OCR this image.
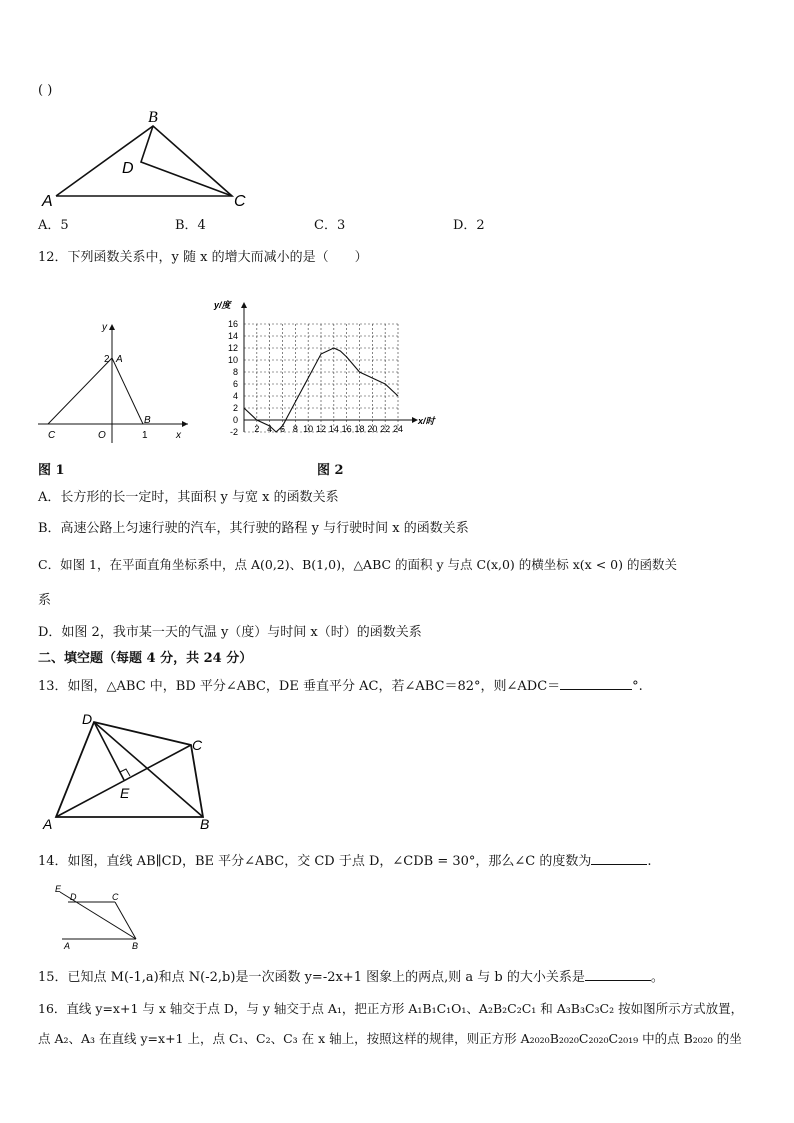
( )
B
D
A	C
A．5	B．4	C．3	D．2
12．下列函数关系中，y 随 x 的增大而减小的是（　　）
y
2 A
B
C	O	1	x	-2
0
2
4
6
8
10
12
14
16
2 4 6 8 10 12 14 16 18 20 22 24
y/度
x/时
图 1	图 2
A．长方形的长一定时，其面积 y 与宽 x 的函数关系
B．高速公路上匀速行驶的汽车，其行驶的路程 y 与行驶时间 x 的函数关系
C．如图 1，在平面直角坐标系中，点 A(0,2)、B(1,0)，△ABC 的面积 y 与点 C(x,0) 的横坐标 x(x < 0) 的函数关
系
D．如图 2，我市某一天的气温 y（度）与时间 x（时）的函数关系
二、填空题（每题 4 分，共 24 分）
13．如图，△ABC 中，BD 平分∠ABC，DE 垂直平分 AC，若∠ABC＝82°，则∠ADC＝	°.
D
C
E
A	B
14．如图，直线 AB∥CD，BE 平分∠ABC，交 CD 于点 D，∠CDB = 30°，那么∠C 的度数为	.
E
D	C
A	B
15．已知点 M(-1,a)和点 N(-2,b)是一次函数 y=-2x+1 图象上的两点,则 a 与 b 的大小关系是	。
16．直线 y=x+1 与 x 轴交于点 D，与 y 轴交于点 A₁，把正方形 A₁B₁C₁O₁、A₂B₂C₂C₁ 和 A₃B₃C₃C₂ 按如图所示方式放置，
点 A₂、A₃ 在直线 y=x+1 上，点 C₁、C₂、C₃ 在 x 轴上，按照这样的规律，则正方形 A₂₀₂₀B₂₀₂₀C₂₀₂₀C₂₀₁₉ 中的点 B₂₀₂₀ 的坐
